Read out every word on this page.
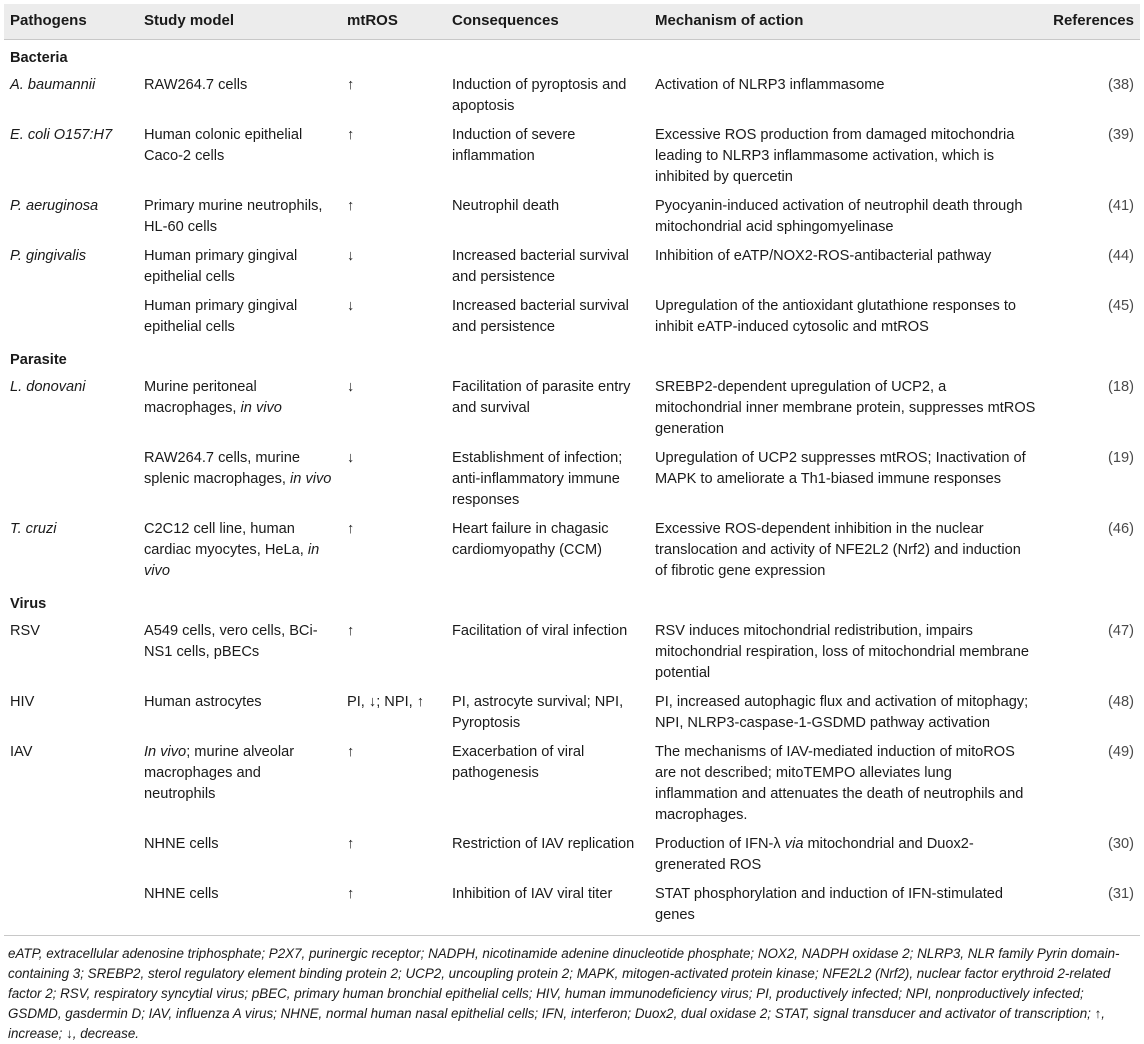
Pathogens	Study model	mtROS	Consequences	Mechanism of action	References
Bacteria					
A. baumannii	RAW264.7 cells	↑	Induction of pyroptosis and apoptosis	Activation of NLRP3 inflammasome	(38)
E. coli O157:H7	Human colonic epithelial Caco-2 cells	↑	Induction of severe inflammation	Excessive ROS production from damaged mitochondria leading to NLRP3 inflammasome activation, which is inhibited by quercetin	(39)
P. aeruginosa	Primary murine neutrophils, HL-60 cells	↑	Neutrophil death	Pyocyanin-induced activation of neutrophil death through mitochondrial acid sphingomyelinase	(41)
P. gingivalis	Human primary gingival epithelial cells	↓	Increased bacterial survival and persistence	Inhibition of eATP/NOX2-ROS-antibacterial pathway	(44)
	Human primary gingival epithelial cells	↓	Increased bacterial survival and persistence	Upregulation of the antioxidant glutathione responses to inhibit eATP-induced cytosolic and mtROS	(45)
Parasite					
L. donovani	Murine peritoneal macrophages, in vivo	↓	Facilitation of parasite entry and survival	SREBP2-dependent upregulation of UCP2, a mitochondrial inner membrane protein, suppresses mtROS generation	(18)
	RAW264.7 cells, murine splenic macrophages, in vivo	↓	Establishment of infection; anti-inflammatory immune responses	Upregulation of UCP2 suppresses mtROS; Inactivation of MAPK to ameliorate a Th1-biased immune responses	(19)
T. cruzi	C2C12 cell line, human cardiac myocytes, HeLa, in vivo	↑	Heart failure in chagasic cardiomyopathy (CCM)	Excessive ROS-dependent inhibition in the nuclear translocation and activity of NFE2L2 (Nrf2) and induction of fibrotic gene expression	(46)
Virus					
RSV	A549 cells, vero cells, BCi-NS1 cells, pBECs	↑	Facilitation of viral infection	RSV induces mitochondrial redistribution, impairs mitochondrial respiration, loss of mitochondrial membrane potential	(47)
HIV	Human astrocytes	PI, ↓; NPI, ↑	PI, astrocyte survival; NPI, Pyroptosis	PI, increased autophagic flux and activation of mitophagy; NPI, NLRP3-caspase-1-GSDMD pathway activation	(48)
IAV	In vivo; murine alveolar macrophages and neutrophils	↑	Exacerbation of viral pathogenesis	The mechanisms of IAV-mediated induction of mitoROS are not described; mitoTEMPO alleviates lung inflammation and attenuates the death of neutrophils and macrophages.	(49)
	NHNE cells	↑	Restriction of IAV replication	Production of IFN-λ via mitochondrial and Duox2-grenerated ROS	(30)
	NHNE cells	↑	Inhibition of IAV viral titer	STAT phosphorylation and induction of IFN-stimulated genes	(31)
eATP, extracellular adenosine triphosphate; P2X7, purinergic receptor; NADPH, nicotinamide adenine dinucleotide phosphate; NOX2, NADPH oxidase 2; NLRP3, NLR family Pyrin domain-containing 3; SREBP2, sterol regulatory element binding protein 2; UCP2, uncoupling protein 2; MAPK, mitogen-activated protein kinase; NFE2L2 (Nrf2), nuclear factor erythroid 2-related factor 2; RSV, respiratory syncytial virus; pBEC, primary human bronchial epithelial cells; HIV, human immunodeficiency virus; PI, productively infected; NPI, nonproductively infected; GSDMD, gasdermin D; IAV, influenza A virus; NHNE, normal human nasal epithelial cells; IFN, interferon; Duox2, dual oxidase 2; STAT, signal transducer and activator of transcription; ↑, increase; ↓, decrease.
